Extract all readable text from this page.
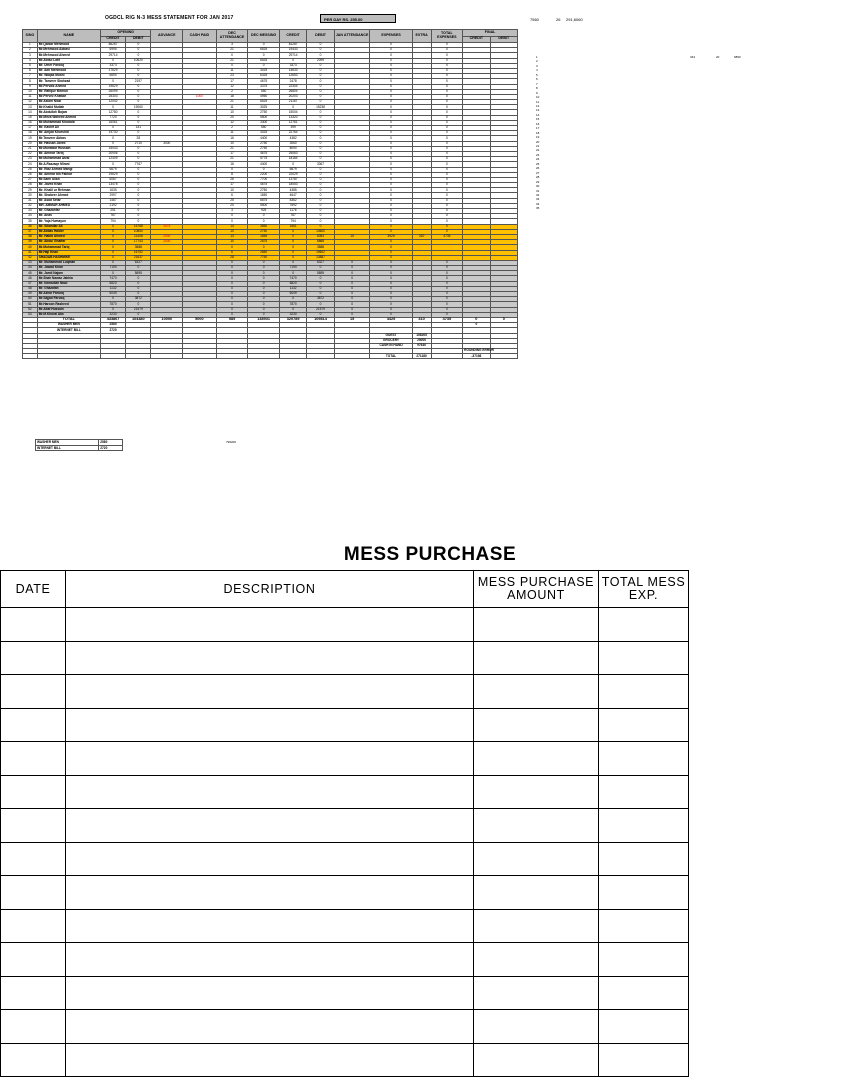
OGDCL RIG N-3 MESS STATEMENT FOR JAN 2017	PER DAY RS. 255.00	7560	26 291,6060
S/NO	NAME	OPENING		ADVANCE	CASH PAID	DEC ATTENDANCE	DEC MESSING	CREDIT	DEBIT	JAN ATTENDANCE	EXPENSES	EXTRA	TOTAL EXPENSES	FINAL	
		CREDIT	DEBIT											CREDIT	DEBIT
1	Mr.Qaisar Mehmood	86287	0			3	0	81287	0		0		0		
2	Mr.Mehmood Abbasi	6995	0			21	6525	19433	0		0		0		
3	Mr.Mehmood Ahmed	29714	0			0	0	29714	0		0		0		
4	Mr.Abdul Latif	0	10620			21	6525	0	2099		0		0		
5	Mr. Umer Farooq	3373	0			0	0	3373	0		0		0		
6	Mr. Adil Mehmood	17629	0			11	3025	14633	0		0		0		
7	Mr. Waqas Mushl	6690	0			23	6325	12653	0		0		0		
8	Mr. Tanveer Shahzad	0	2197			17	4675	2478	0		0		0		
9	Mr.Pervaiz Ahmed	19629	0			12	3375	22304	0		0		0		
10	Mr. Rafique Memon	26099	0			2	550	26804	0		0		0		
11	Mr.Pervez Khawar	25303	0		1000	18	4950	20203	0		0		0		
12	Mr.Aslam Niazi	12042	0			21	6525	21167	0		0		0		
13	Mr.Khalid Mutlah	0	19060			11	3025	0	15238		0		0		
14	Mr.Abdullah Bajwa	12780	0			10	2750	15004	0		0		0		
15	Mr.Mirza Waheed Ahmed	7720	0			20	5500	13320	0		0		0		
16	Mr.Muhammad Khubaib	16061	0			12	3300	12761	0		0		0		
17	Mr. Kashif Ali	0	141			2	550	399	0		0		0		
18	Mr. Amjad Khurshid	19730	0			11	3025	22764	0		0		0		
19	Mr.Tanveer Abbas	0	28			16	4400	4382	0		0		0		
20	Mr. Hassan Javed	0	2710	3000		10	2750	3060	0		0		0		
21	Mr.Munawar Hussain	15043	0			21	2750	8090	0		0		0		
22	Mr. Ammar Tariq	20906	0			17	4675	25063	0		0		0		
23	Mr.Muhammad Afzal	12409	0			21	5775	18184	0		0		0		
24	Mr.A.Razzaqe Mirani	0	7767			16	4400	0	3367		0		0		
25	Mr. Riaz Ahmed Mangi	6679	0			0	0	6679	0		0		0		
26	Mr. Ammar bin Fakhar	19629	0			8	2200	22029	0		0		0		
27	Mr.Sami Ullah	6087	0			26	7700	13787	0		0		0		
28	Mr. Javed Khan	13478	0			17	4675	18053	0		0		0		
29	Mr. Khalil ur Rehman	1635	0			10	2750	4385	0		0		0		
30	Mr. Shabeer Ahmed	2997	0			6	1650	4647	0		0		0		
31	Mr. Asad Setar	1487	0			25	6875	8362	0		0		0		
32	MR. AMMAR AHMED	2192	0			20	5500	7692	0		0		0		
33	Mr. Ghazanfar	251	0			3	925	1176	0		0		0		
34	Mr. Anas	767	0			0	0	767	0		0		0		
35	Mr. Yaja Humayun	794	0			0	0	794	0		0		0		
36	Mr. Sikandar Ali	0	16788	3575		14	3850	1661	0		0		0		
37	Mr.Abbas Haider	0	10850			10	2750	0	13600		0		0		
38	Mr. Habib Ahmed	0	11408	2000		13	1655	0	6053	15	4925	310	4735		
39	Mr. Abdul Ghaffar	0	17743	2000		10	2875	0	6868		0				
40	Mr.Muhammad Tariq	0	3588			0	0	0	3588		0				
41	Mr.Haji Khan	0	16752			6	2850	0	19602		0				
42	SHADAB HASHMIKE	0	21637			28	7750	0	13887		0				
43	Mr. Muhammad Luqman	0	6327			0	0	0	6327	0	0		0		
44	Mr. Jawad Khan	7190	0			0	0	7190	0	0	0		0		
45	Mr. Jamil Najam	0	5895			0	0	0	5895	0	0		0		
46	Mr.Shah Nawaz Jakhia	7470	0			0	0	7470	0	0	0		0		
47	Mr. Inamullah Niazi	6820	0			0	0	6820	0	0	0		0		
48	Mr. Ghazafah	1132	0			0	0	1132	0	0	0		0		
49	Mr.Azhar Farooq	6049	0			0	0	6049	0	0	0		0		
50	Mr.Sajjad Farooq	0	3872			0	0	0	3872	0	0		0		
51	Mr.Haroon Rasheed	7870	0			0	0	7870	0	0	0		0		
52	Mr.Altaf Hussain	0	21579			0	0	0	21579	0	0		0		
53	Mr.M.Khurai Abs	3230	0			0	0	3230	0	0	0		0		
	TOTAL	433867	164480	10000	5000	585	148931	320789	109814	15	4425	310	4735	0	0
	WASHER MEN	2580												0	
	INTERNET BILL	2720													
											GUEST	108205			
											GROCERY	25000			
											CASH IN HAND	97630			
														ROUNDING ERROR	
											TOTAL	271180		-37198	
1
2
3
4
5
6
7
8
9
10
11
12
13
14
15
16
17
18
19
20
21
22
23
24
25
26
27
28
29
30
31
32
33
34
35
343	20	6860
796200
WASHER MEN	2580
INTERNET BILL	2720
MESS PURCHASE
DATE	DESCRIPTION	MESS PURCHASE AMOUNT	TOTAL MESS EXP.
